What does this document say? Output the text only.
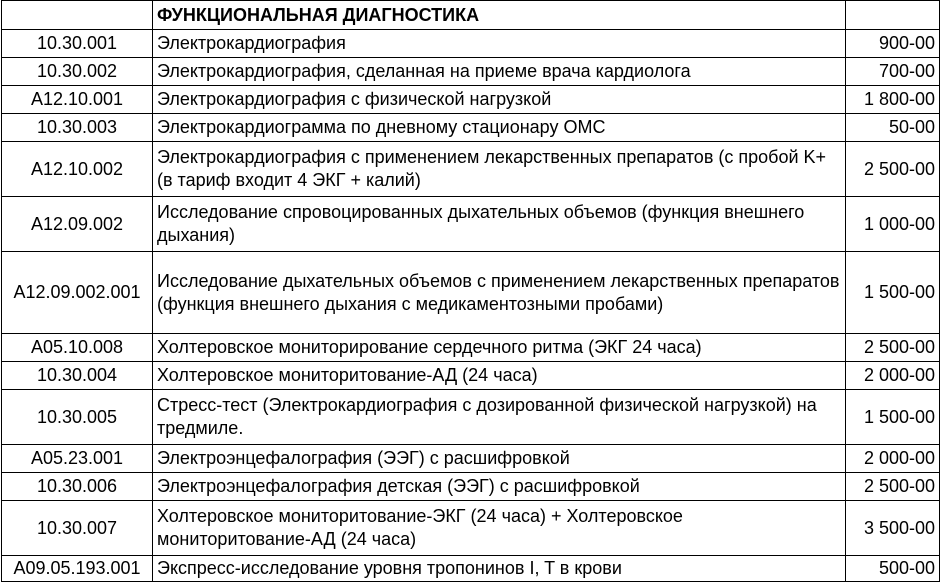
	ФУНКЦИОНАЛЬНАЯ ДИАГНОСТИКА	
10.30.001	Электрокардиография	900-00
10.30.002	Электрокардиография, сделанная на приеме врача кардиолога	700-00
A12.10.001	Электрокардиография с физической нагрузкой	1 800-00
10.30.003	Электрокардиограмма по дневному стационару ОМС	50-00
A12.10.002	Электрокардиография с применением лекарственных препаратов (с пробой K+ (в тариф входит 4 ЭКГ + калий)	2 500-00
A12.09.002	Исследование спровоцированных дыхательных объемов (функция внешнего дыхания)	1 000-00
A12.09.002.001	Исследование дыхательных объемов с применением лекарственных препаратов (функция внешнего дыхания с медикаментозными пробами)	1 500-00
A05.10.008	Холтеровское мониторирование сердечного ритма (ЭКГ 24 часа)	2 500-00
10.30.004	Холтеровское мониторитование-АД (24 часа)	2 000-00
10.30.005	Стресс-тест (Электрокардиография с дозированной физической нагрузкой) на тредмиле.	1 500-00
A05.23.001	Электроэнцефалография (ЭЭГ) с расшифровкой	2 000-00
10.30.006	Электроэнцефалография детская (ЭЭГ) с расшифровкой	2 500-00
10.30.007	Холтеровское мониторитование-ЭКГ (24 часа) + Холтеровское мониторитование-АД (24 часа)	3 500-00
A09.05.193.001	Экспресс-исследование уровня тропонинов I, T в крови	500-00
